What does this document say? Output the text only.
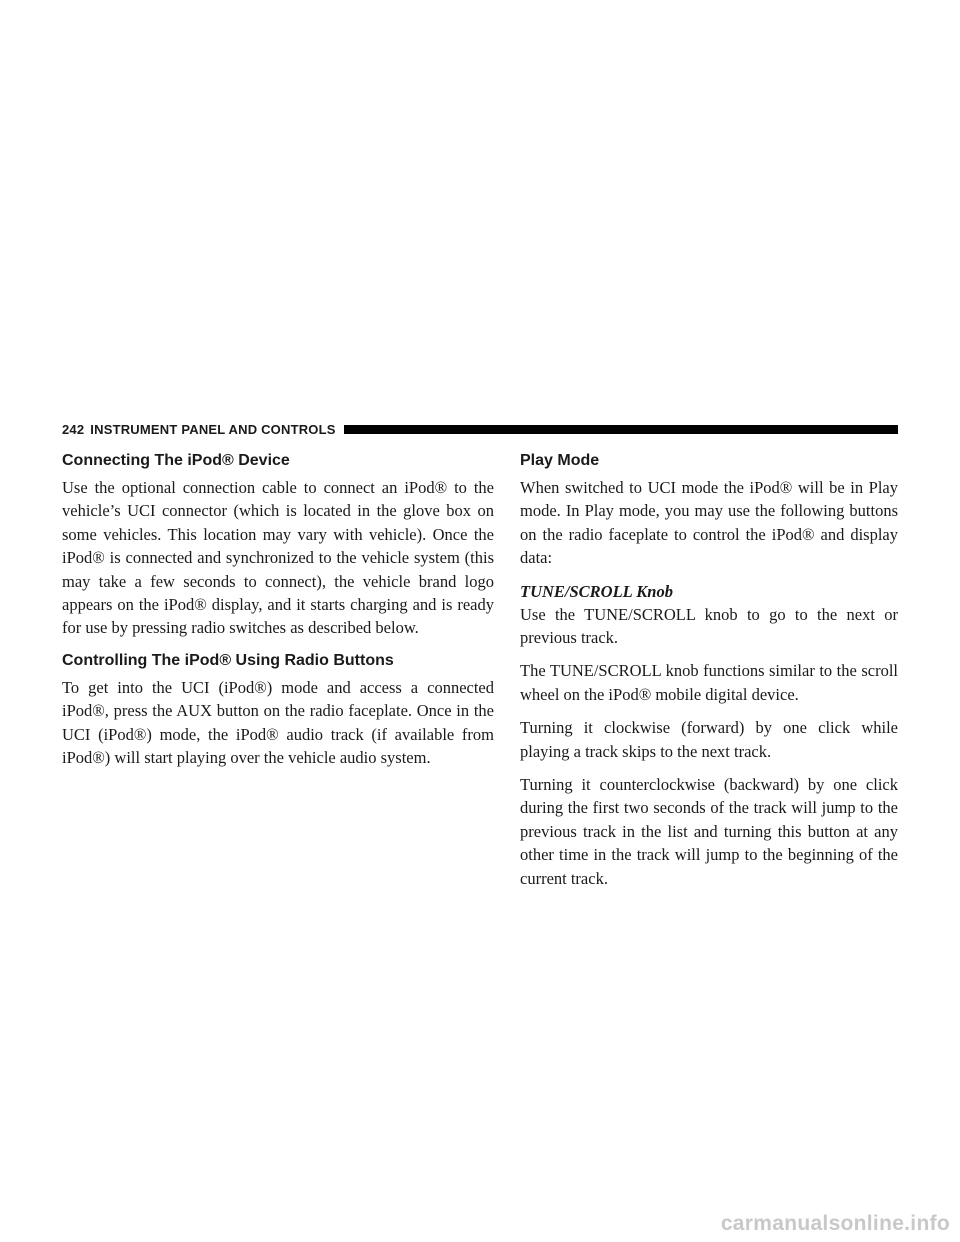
242 INSTRUMENT PANEL AND CONTROLS
Connecting The iPod® Device

Use the optional connection cable to connect an iPod® to the vehicle’s UCI connector (which is located in the glove box on some vehicles. This location may vary with vehicle). Once the iPod® is connected and synchronized to the vehicle system (this may take a few seconds to connect), the vehicle brand logo appears on the iPod® display, and it starts charging and is ready for use by pressing radio switches as described below.

Controlling The iPod® Using Radio Buttons

To get into the UCI (iPod®) mode and access a connected iPod®, press the AUX button on the radio faceplate. Once in the UCI (iPod®) mode, the iPod® audio track (if available from iPod®) will start playing over the vehicle audio system.

Play Mode

When switched to UCI mode the iPod® will be in Play mode. In Play mode, you may use the following buttons on the radio faceplate to control the iPod® and display data:

TUNE/SCROLL Knob

Use the TUNE/SCROLL knob to go to the next or previous track.

The TUNE/SCROLL knob functions similar to the scroll wheel on the iPod® mobile digital device.

Turning it clockwise (forward) by one click while playing a track skips to the next track.

Turning it counterclockwise (backward) by one click during the first two seconds of the track will jump to the previous track in the list and turning this button at any other time in the track will jump to the beginning of the current track.

carmanualsonline.info
